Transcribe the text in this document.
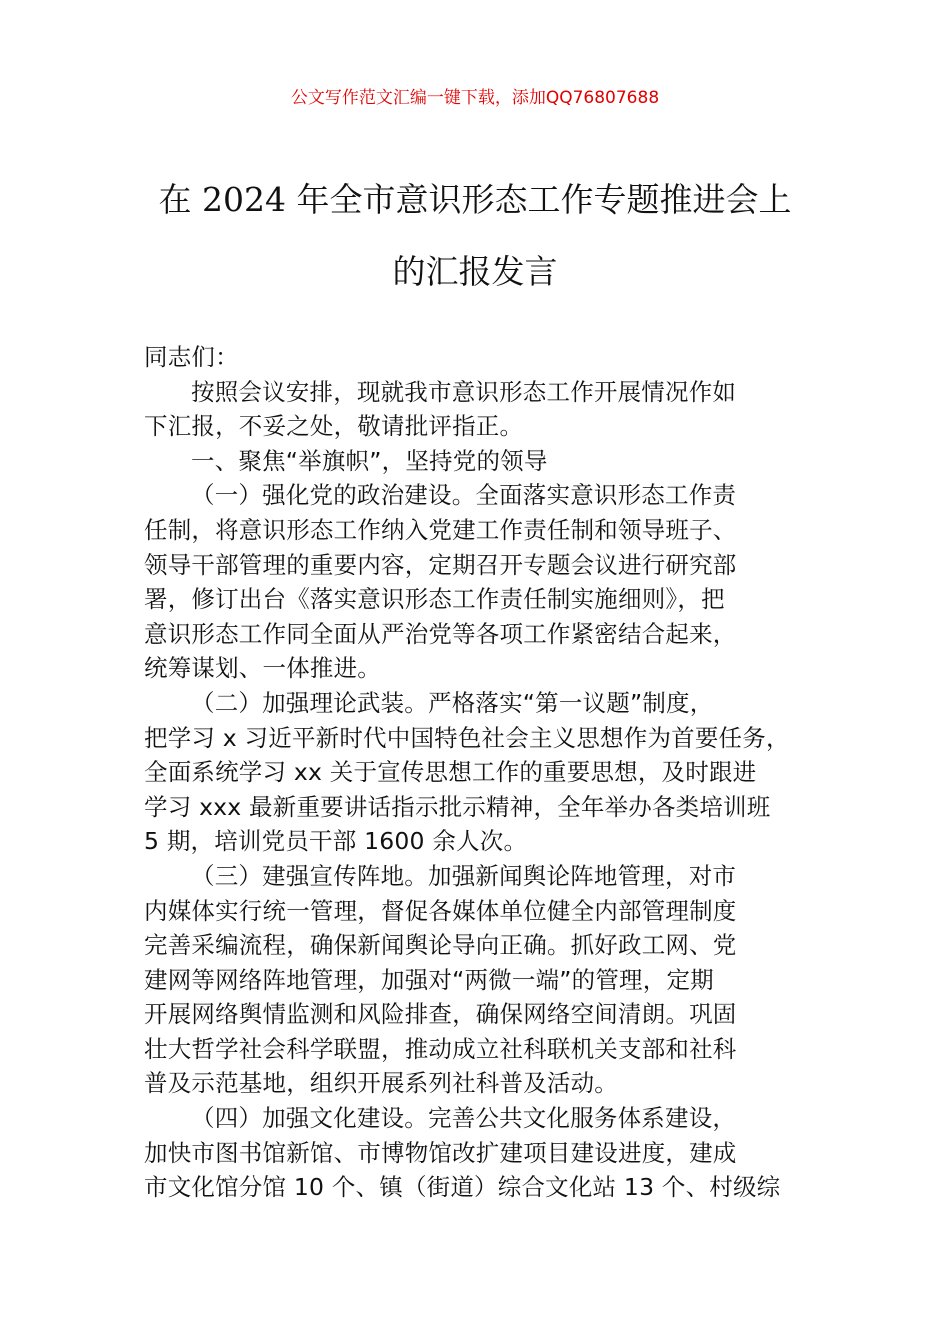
公文写作范文汇编一键下载，添加QQ76807688
在 2024 年全市意识形态工作专题推进会上
的汇报发言
同志们：
按照会议安排，现就我市意识形态工作开展情况作如
下汇报，不妥之处，敬请批评指正。
一、聚焦“举旗帜”，坚持党的领导
（一）强化党的政治建设。全面落实意识形态工作责
任制，将意识形态工作纳入党建工作责任制和领导班子、
领导干部管理的重要内容，定期召开专题会议进行研究部
署，修订出台《落实意识形态工作责任制实施细则》，把
意识形态工作同全面从严治党等各项工作紧密结合起来，
统筹谋划、一体推进。
（二）加强理论武装。严格落实“第一议题”制度，
把学习 x 习近平新时代中国特色社会主义思想作为首要任务，
全面系统学习 xx 关于宣传思想工作的重要思想，及时跟进
学习 xxx 最新重要讲话指示批示精神，全年举办各类培训班
5 期，培训党员干部 1600 余人次。
（三）建强宣传阵地。加强新闻舆论阵地管理，对市
内媒体实行统一管理，督促各媒体单位健全内部管理制度
完善采编流程，确保新闻舆论导向正确。抓好政工网、党
建网等网络阵地管理，加强对“两微一端”的管理，定期
开展网络舆情监测和风险排查，确保网络空间清朗。巩固
壮大哲学社会科学联盟，推动成立社科联机关支部和社科
普及示范基地，组织开展系列社科普及活动。
（四）加强文化建设。完善公共文化服务体系建设，
加快市图书馆新馆、市博物馆改扩建项目建设进度，建成
市文化馆分馆 10 个、镇（街道）综合文化站 13 个、村级综
